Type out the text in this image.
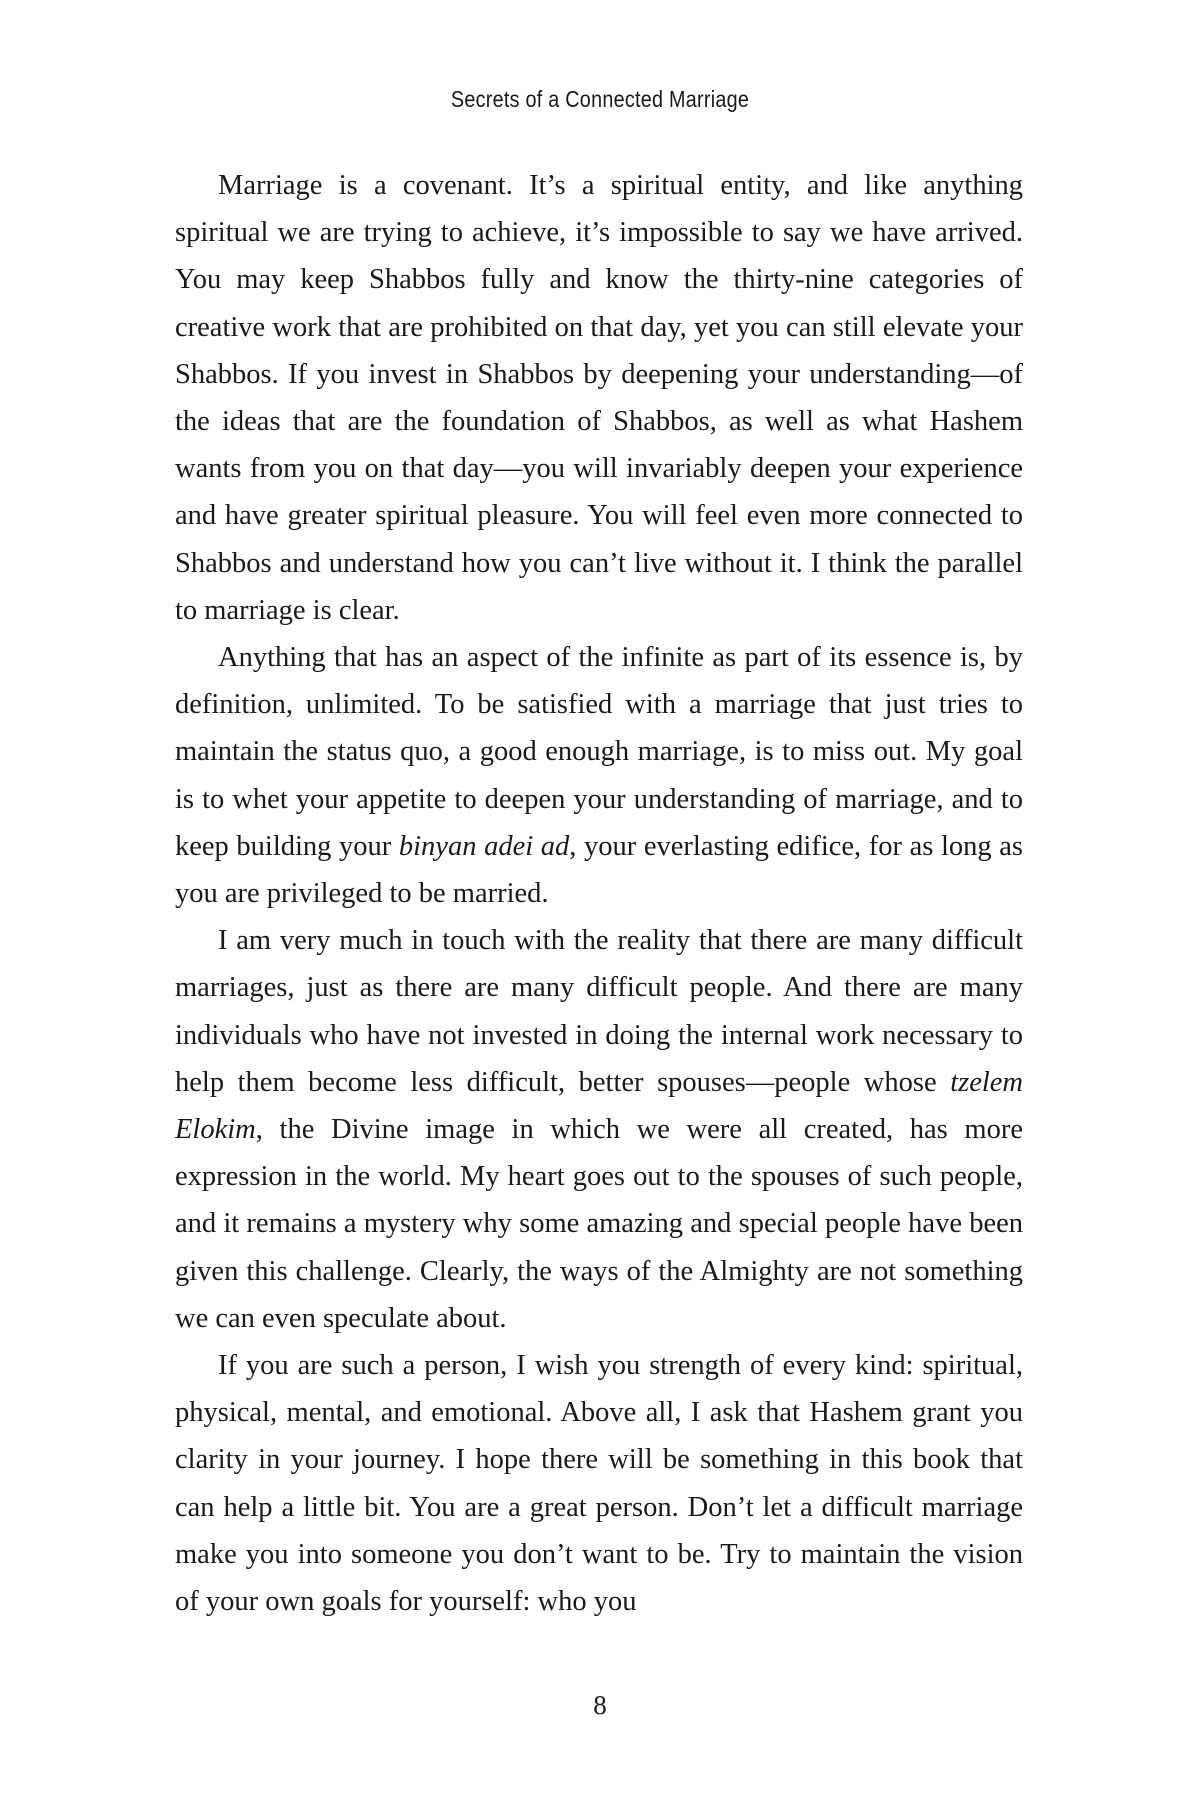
Secrets of a Connected Marriage

Marriage is a covenant. It’s a spiritual entity, and like anything spiritual we are trying to achieve, it’s impossible to say we have arrived. You may keep Shabbos fully and know the thirty-nine categories of creative work that are prohibited on that day, yet you can still elevate your Shabbos. If you invest in Shabbos by deepening your understanding—of the ideas that are the foundation of Shabbos, as well as what Hashem wants from you on that day—you will invariably deepen your experience and have greater spiritual pleasure. You will feel even more connected to Shabbos and understand how you can’t live without it. I think the parallel to marriage is clear.

Anything that has an aspect of the infinite as part of its essence is, by definition, unlimited. To be satisfied with a marriage that just tries to maintain the status quo, a good enough marriage, is to miss out. My goal is to whet your appetite to deepen your understanding of marriage, and to keep building your binyan adei ad, your everlasting edifice, for as long as you are privileged to be married.

I am very much in touch with the reality that there are many difficult marriages, just as there are many difficult people. And there are many individuals who have not invested in doing the internal work necessary to help them become less difficult, better spouses—people whose tzelem Elokim, the Divine image in which we were all created, has more expression in the world. My heart goes out to the spouses of such people, and it remains a mystery why some amazing and special people have been given this challenge. Clearly, the ways of the Almighty are not something we can even speculate about.

If you are such a person, I wish you strength of every kind: spiritual, physical, mental, and emotional. Above all, I ask that Hashem grant you clarity in your journey. I hope there will be something in this book that can help a little bit. You are a great person. Don’t let a difficult marriage make you into someone you don’t want to be. Try to maintain the vision of your own goals for yourself: who you

8
